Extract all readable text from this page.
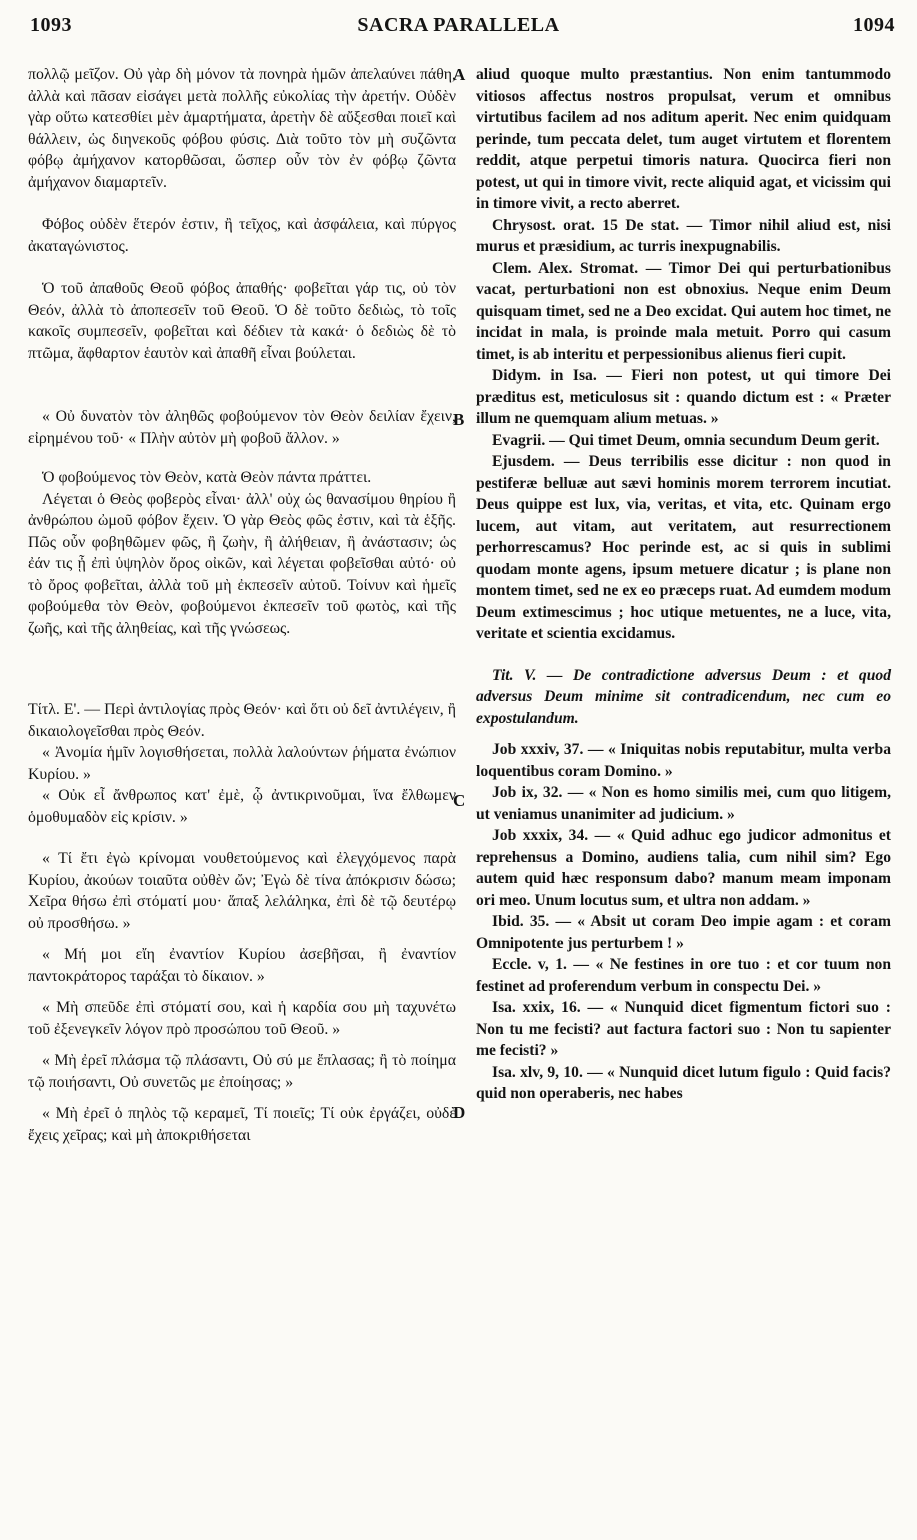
1093	SACRA PARALLELA	1094
A
B
C
D

πολλῷ μεῖζον. Οὐ γὰρ δὴ μόνον τὰ πονηρὰ ἡμῶν ἀπελαύνει πάθη, ἀλλὰ καὶ πᾶσαν εἰσάγει μετὰ πολλῆς εὐκολίας τὴν ἀρετήν. Οὐδὲν γὰρ οὕτω κατεσθίει μὲν ἁμαρτήματα, ἀρετὴν δὲ αὔξεσθαι ποιεῖ καὶ θάλλειν, ὡς διηνεκοῦς φόβου φύσις. Διὰ τοῦτο τὸν μὴ συζῶντα φόβῳ ἀμήχανον κατορθῶσαι, ὥσπερ οὖν τὸν ἐν φόβῳ ζῶντα ἀμήχανον διαμαρτεῖν.

Φόβος οὐδὲν ἕτερόν ἐστιν, ἢ τεῖχος, καὶ ἀσφάλεια, καὶ πύργος ἀκαταγώνιστος.

Ὁ τοῦ ἀπαθοῦς Θεοῦ φόβος ἀπαθής· φοβεῖται γάρ τις, οὐ τὸν Θεόν, ἀλλὰ τὸ ἀποπεσεῖν τοῦ Θεοῦ. Ὁ δὲ τοῦτο δεδιὼς, τὸ τοῖς κακοῖς συμπεσεῖν, φοβεῖται καὶ δέδιεν τὰ κακά· ὁ δεδιὼς δὲ τὸ πτῶμα, ἄφθαρτον ἑαυτὸν καὶ ἀπαθῆ εἶναι βούλεται.

« Οὐ δυνατὸν τὸν ἀληθῶς φοβούμενον τὸν Θεὸν δειλίαν ἔχειν, εἰρημένου τοῦ· « Πλὴν αὐτὸν μὴ φοβοῦ ἄλλον. »

Ὁ φοβούμενος τὸν Θεὸν, κατὰ Θεὸν πάντα πράττει.

Λέγεται ὁ Θεὸς φοβερὸς εἶναι· ἀλλ' οὐχ ὡς θανασίμου θηρίου ἢ ἀνθρώπου ὠμοῦ φόβον ἔχειν. Ὁ γὰρ Θεὸς φῶς ἐστιν, καὶ τὰ ἑξῆς. Πῶς οὖν φοβηθῶμεν φῶς, ἢ ζωὴν, ἢ ἀλήθειαν, ἢ ἀνάστασιν; ὡς ἐάν τις ᾖ ἐπὶ ὑψηλὸν ὄρος οἰκῶν, καὶ λέγεται φοβεῖσθαι αὐτό· οὐ τὸ ὄρος φοβεῖται, ἀλλὰ τοῦ μὴ ἐκπεσεῖν αὐτοῦ. Τοίνυν καὶ ἡμεῖς φοβούμεθα τὸν Θεὸν, φοβούμενοι ἐκπεσεῖν τοῦ φωτὸς, καὶ τῆς ζωῆς, καὶ τῆς ἀληθείας, καὶ τῆς γνώσεως.

Τίτλ. Ε'. — Περὶ ἀντιλογίας πρὸς Θεόν· καὶ ὅτι οὐ δεῖ ἀντιλέγειν, ἢ δικαιολογεῖσθαι πρὸς Θεόν.

« Ἀνομία ἡμῖν λογισθήσεται, πολλὰ λαλούντων ῥήματα ἐνώπιον Κυρίου. »

« Οὐκ εἶ ἄνθρωπος κατ' ἐμὲ, ᾧ ἀντικρινοῦμαι, ἵνα ἔλθωμεν ὁμοθυμαδὸν εἰς κρίσιν. »

« Τί ἔτι ἐγὼ κρίνομαι νουθετούμενος καὶ ἐλεγχόμενος παρὰ Κυρίου, ἀκούων τοιαῦτα οὐθὲν ὤν; Ἐγὼ δὲ τίνα ἀπόκρισιν δώσω; Χεῖρα θήσω ἐπὶ στόματί μου· ἅπαξ λελάληκα, ἐπὶ δὲ τῷ δευτέρῳ οὐ προσθήσω. »

« Μή μοι εἴη ἐναντίον Κυρίου ἀσεβῆσαι, ἢ ἐναντίον παντοκράτορος ταράξαι τὸ δίκαιον. »

« Μὴ σπεῦδε ἐπὶ στόματί σου, καὶ ἡ καρδία σου μὴ ταχυνέτω τοῦ ἐξενεγκεῖν λόγον πρὸ προσώπου τοῦ Θεοῦ. »

« Μὴ ἐρεῖ πλάσμα τῷ πλάσαντι, Οὐ σύ με ἔπλασας; ἢ τὸ ποίημα τῷ ποιήσαντι, Οὐ συνετῶς με ἐποίησας; »

« Μὴ ἐρεῖ ὁ πηλὸς τῷ κεραμεῖ, Τί ποιεῖς; Τί οὐκ ἐργάζει, οὐδὲ ἔχεις χεῖρας; καὶ μὴ ἀποκριθήσεται

aliud quoque multo præstantius. Non enim tantummodo vitiosos affectus nostros propulsat, verum et omnibus virtutibus facilem ad nos aditum aperit. Nec enim quidquam perinde, tum peccata delet, tum auget virtutem et florentem reddit, atque perpetui timoris natura. Quocirca fieri non potest, ut qui in timore vivit, recte aliquid agat, et vicissim qui in timore vivit, a recto aberret.

Chrysost. orat. 15 De stat. — Timor nihil aliud est, nisi murus et præsidium, ac turris inexpugnabilis.

Clem. Alex. Stromat. — Timor Dei qui perturbationibus vacat, perturbationi non est obnoxius. Neque enim Deum quisquam timet, sed ne a Deo excidat. Qui autem hoc timet, ne incidat in mala, is proinde mala metuit. Porro qui casum timet, is ab interitu et perpessionibus alienus fieri cupit.

Didym. in Isa. — Fieri non potest, ut qui timore Dei præditus est, meticulosus sit : quando dictum est : « Præter illum ne quemquam alium metuas. »

Evagrii. — Qui timet Deum, omnia secundum Deum gerit.

Ejusdem. — Deus terribilis esse dicitur : non quod in pestiferæ belluæ aut sævi hominis morem terrorem incutiat. Deus quippe est lux, via, veritas, et vita, etc. Quinam ergo lucem, aut vitam, aut veritatem, aut resurrectionem perhorrescamus? Hoc perinde est, ac si quis in sublimi quodam monte agens, ipsum metuere dicatur ; is plane non montem timet, sed ne ex eo præceps ruat. Ad eumdem modum Deum extimescimus ; hoc utique metuentes, ne a luce, vita, veritate et scientia excidamus.

Tit. V. — De contradictione adversus Deum : et quod adversus Deum minime sit contradicendum, nec cum eo expostulandum.

Job xxxiv, 37. — « Iniquitas nobis reputabitur, multa verba loquentibus coram Domino. »

Job ix, 32. — « Non es homo similis mei, cum quo litigem, ut veniamus unanimiter ad judicium. »

Job xxxix, 34. — « Quid adhuc ego judicor admonitus et reprehensus a Domino, audiens talia, cum nihil sim? Ego autem quid hæc responsum dabo? manum meam imponam ori meo. Unum locutus sum, et ultra non addam. »

Ibid. 35. — « Absit ut coram Deo impie agam : et coram Omnipotente jus perturbem ! »

Eccle. v, 1. — « Ne festines in ore tuo : et cor tuum non festinet ad proferendum verbum in conspectu Dei. »

Isa. xxix, 16. — « Nunquid dicet figmentum fictori suo : Non tu me fecisti? aut factura factori suo : Non tu sapienter me fecisti? »

Isa. xlv, 9, 10. — « Nunquid dicet lutum figulo : Quid facis? quid non operaberis, nec habes
